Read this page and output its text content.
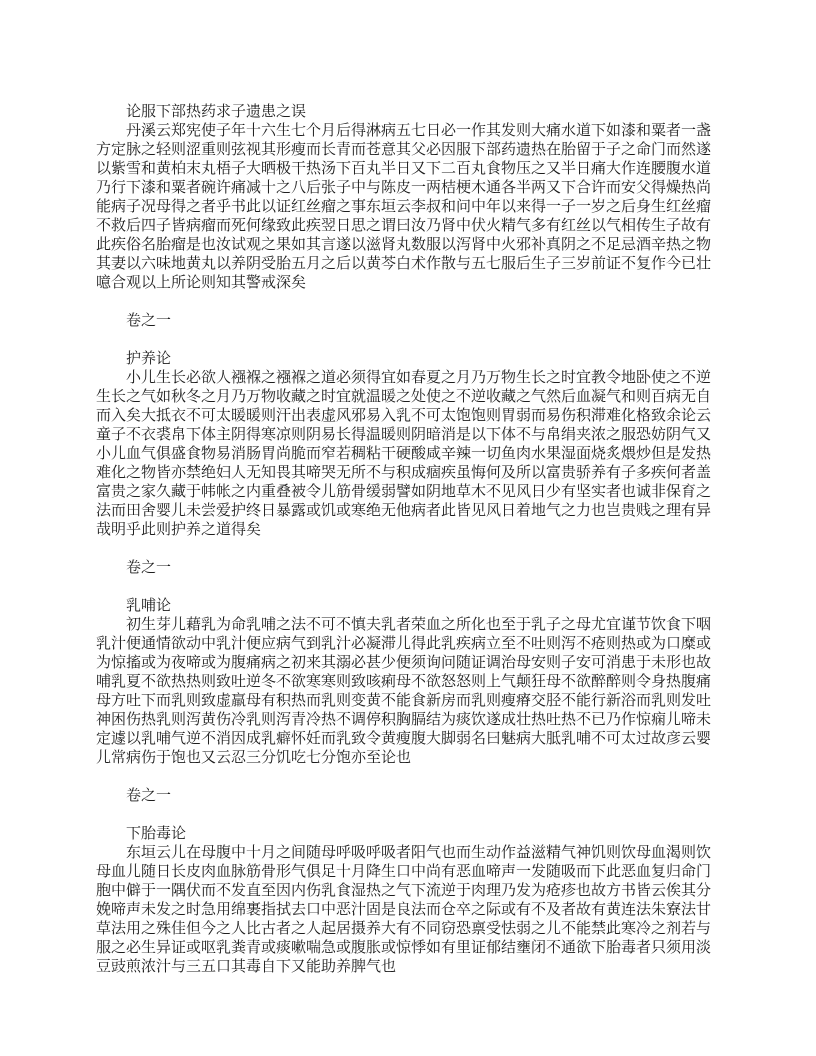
论服下部热药求子遗患之误
丹溪云郑宪使子年十六生七个月后得淋病五七日必一作其发则大痛水道下如漆和粟者一盏
方定脉之轻则涩重则弦视其形瘦而长青而苍意其父必因服下部药遗热在胎留于子之命门而然遂
以紫雪和黄柏末丸梧子大晒极干热汤下百丸半日又下二百丸食物压之又半日痛大作连腰腹水道
乃行下漆和粟者碗许痛减十之八后张子中与陈皮一两桔梗木通各半两又下合许而安父得燥热尚
能病子况母得之者乎书此以证红丝瘤之事东垣云李叔和问中年以来得一子一岁之后身生红丝瘤
不救后四子皆病瘤而死何缘致此疾翌日思之谓曰汝乃肾中伏火精气多有红丝以气相传生子故有
此疾俗名胎瘤是也汝试观之果如其言遂以滋肾丸数服以泻肾中火邪补真阴之不足忌酒辛热之物
其妻以六味地黄丸以养阴受胎五月之后以黄芩白术作散与五七服后生子三岁前证不复作今已壮
噫合观以上所论则知其警戒深矣
卷之一
护养论
小儿生长必欲人襁褓之襁褓之道必须得宜如春夏之月乃万物生长之时宜教令地卧使之不逆
生长之气如秋冬之月乃万物收藏之时宜就温暖之处使之不逆收藏之气然后血凝气和则百病无自
而入矣大抵衣不可太暖暖则汗出表虚风邪易入乳不可太饱饱则胃弱而易伤积滞难化格致余论云
童子不衣裘帛下体主阴得寒凉则阴易长得温暖则阴暗消是以下体不与帛绢夹浓之服恐妨阴气又
小儿血气俱盛食物易消肠胃尚脆而窄若稠粘干硬酸咸辛辣一切鱼肉水果湿面烧炙煨炒但是发热
难化之物皆亦禁绝妇人无知畏其啼哭无所不与积成痼疾虽悔何及所以富贵骄养有子多疾何者盖
富贵之家久藏于帏帐之内重叠被令儿筋骨缓弱譬如阴地草木不见风日少有坚实者也诚非保育之
法而田舍婴儿未尝爱护终日暴露或饥或寒绝无他病者此皆见风日着地气之力也岂贵贱之理有异
哉明乎此则护养之道得矣
卷之一
乳哺论
初生芽儿藉乳为命乳哺之法不可不慎夫乳者荣血之所化也至于乳子之母尤宜谨节饮食下咽
乳汁便通情欲动中乳汁便应病气到乳汁必凝滞儿得此乳疾病立至不吐则泻不疮则热或为口糜或
为惊搐或为夜啼或为腹痛病之初来其溺必甚少便须询问随证调治母安则子安可消患于未形也故
哺乳夏不欲热热则致吐逆冬不欲寒寒则致咳痢母不欲怒怒则上气颠狂母不欲醉醉则令身热腹痛
母方吐下而乳则致虚羸母有积热而乳则变黄不能食新房而乳则瘦瘠交胫不能行新浴而乳则发吐
神困伤热乳则泻黄伤冷乳则泻青冷热不调停积胸膈结为痰饮遂成壮热吐热不已乃作惊痫儿啼未
定遽以乳哺气逆不消因成乳癖怀妊而乳致令黄瘦腹大脚弱名曰魅病大胝乳哺不可太过故彦云婴
儿常病伤于饱也又云忍三分饥吃七分饱亦至论也
卷之一
下胎毒论
东垣云儿在母腹中十月之间随母呼吸呼吸者阳气也而生动作益滋精气神饥则饮母血渴则饮
母血儿随日长皮肉血脉筋骨形气俱足十月降生口中尚有恶血啼声一发随吸而下此恶血复归命门
胞中僻于一隅伏而不发直至因内伤乳食湿热之气下流逆于肉理乃发为疮疹也故方书皆云俟其分
娩啼声未发之时急用绵裹指拭去口中恶汁固是良法而仓卒之际或有不及者故有黄连法朱寮法甘
草法用之殊佳但今之人比古者之人起居摄养大有不同窃恐禀受怯弱之儿不能禁此寒冷之剂若与
服之必生异证或呕乳粪青或痰嗽喘急或腹胀或惊悸如有里证郁结壅闭不通欲下胎毒者只须用淡
豆豉煎浓汁与三五口其毒自下又能助养脾气也
